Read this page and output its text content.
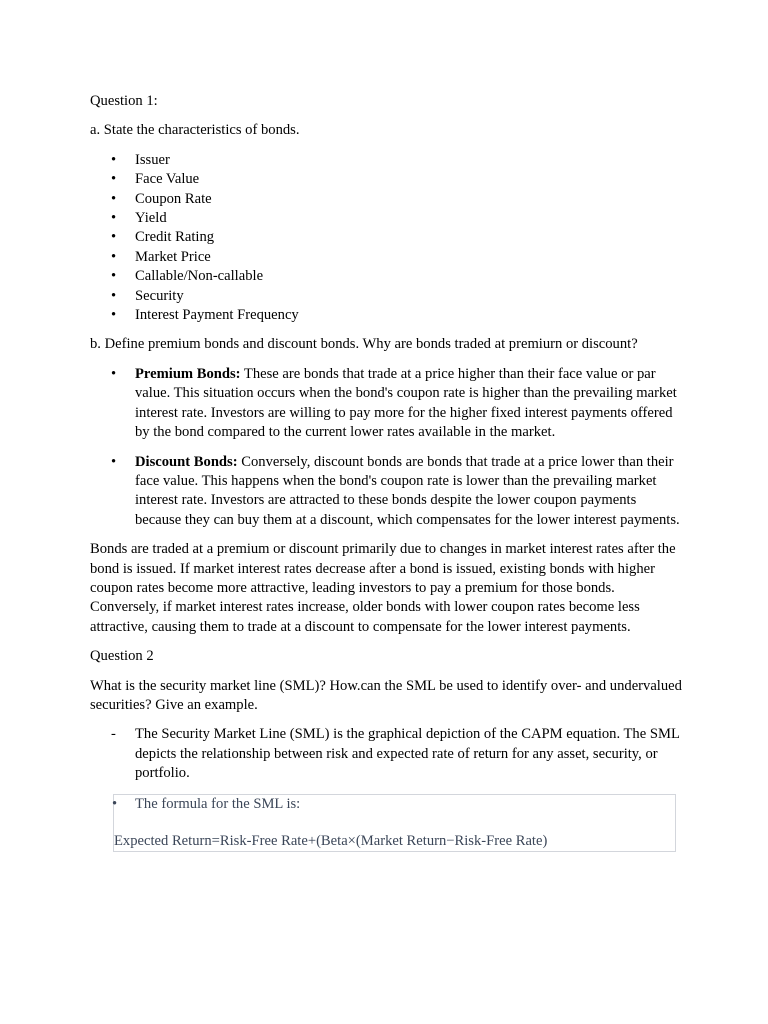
Question 1:

a. State the characteristics of bonds.

•
Issuer
•
Face Value
•
Coupon Rate
•
Yield
•
Credit Rating
•
Market Price
•
Callable/Non-callable
•
Security
•
Interest Payment Frequency

b. Define premium bonds and discount bonds. Why are bonds traded at premiurn or discount?

•
Premium Bonds: These are bonds that trade at a price higher than their face value or par value. This situation occurs when the bond's coupon rate is higher than the prevailing market interest rate. Investors are willing to pay more for the higher fixed interest payments offered by the bond compared to the current lower rates available in the market.
•
Discount Bonds: Conversely, discount bonds are bonds that trade at a price lower than their face value. This happens when the bond's coupon rate is lower than the prevailing market interest rate. Investors are attracted to these bonds despite the lower coupon payments because they can buy them at a discount, which compensates for the lower interest payments.

Bonds are traded at a premium or discount primarily due to changes in market interest rates after the bond is issued. If market interest rates decrease after a bond is issued, existing bonds with higher coupon rates become more attractive, leading investors to pay a premium for those bonds. Conversely, if market interest rates increase, older bonds with lower coupon rates become less attractive, causing them to trade at a discount to compensate for the lower interest payments.

Question 2

What is the security market line (SML)? How.can the SML be used to identify over- and undervalued securities? Give an example.

-
The Security Market Line (SML) is the graphical depiction of the CAPM equation. The SML depicts the relationship between risk and expected rate of return for any asset, security, or portfolio.
•
The formula for the SML is:
Expected Return=Risk-Free Rate+(Beta×(Market Return−Risk-Free Rate)
